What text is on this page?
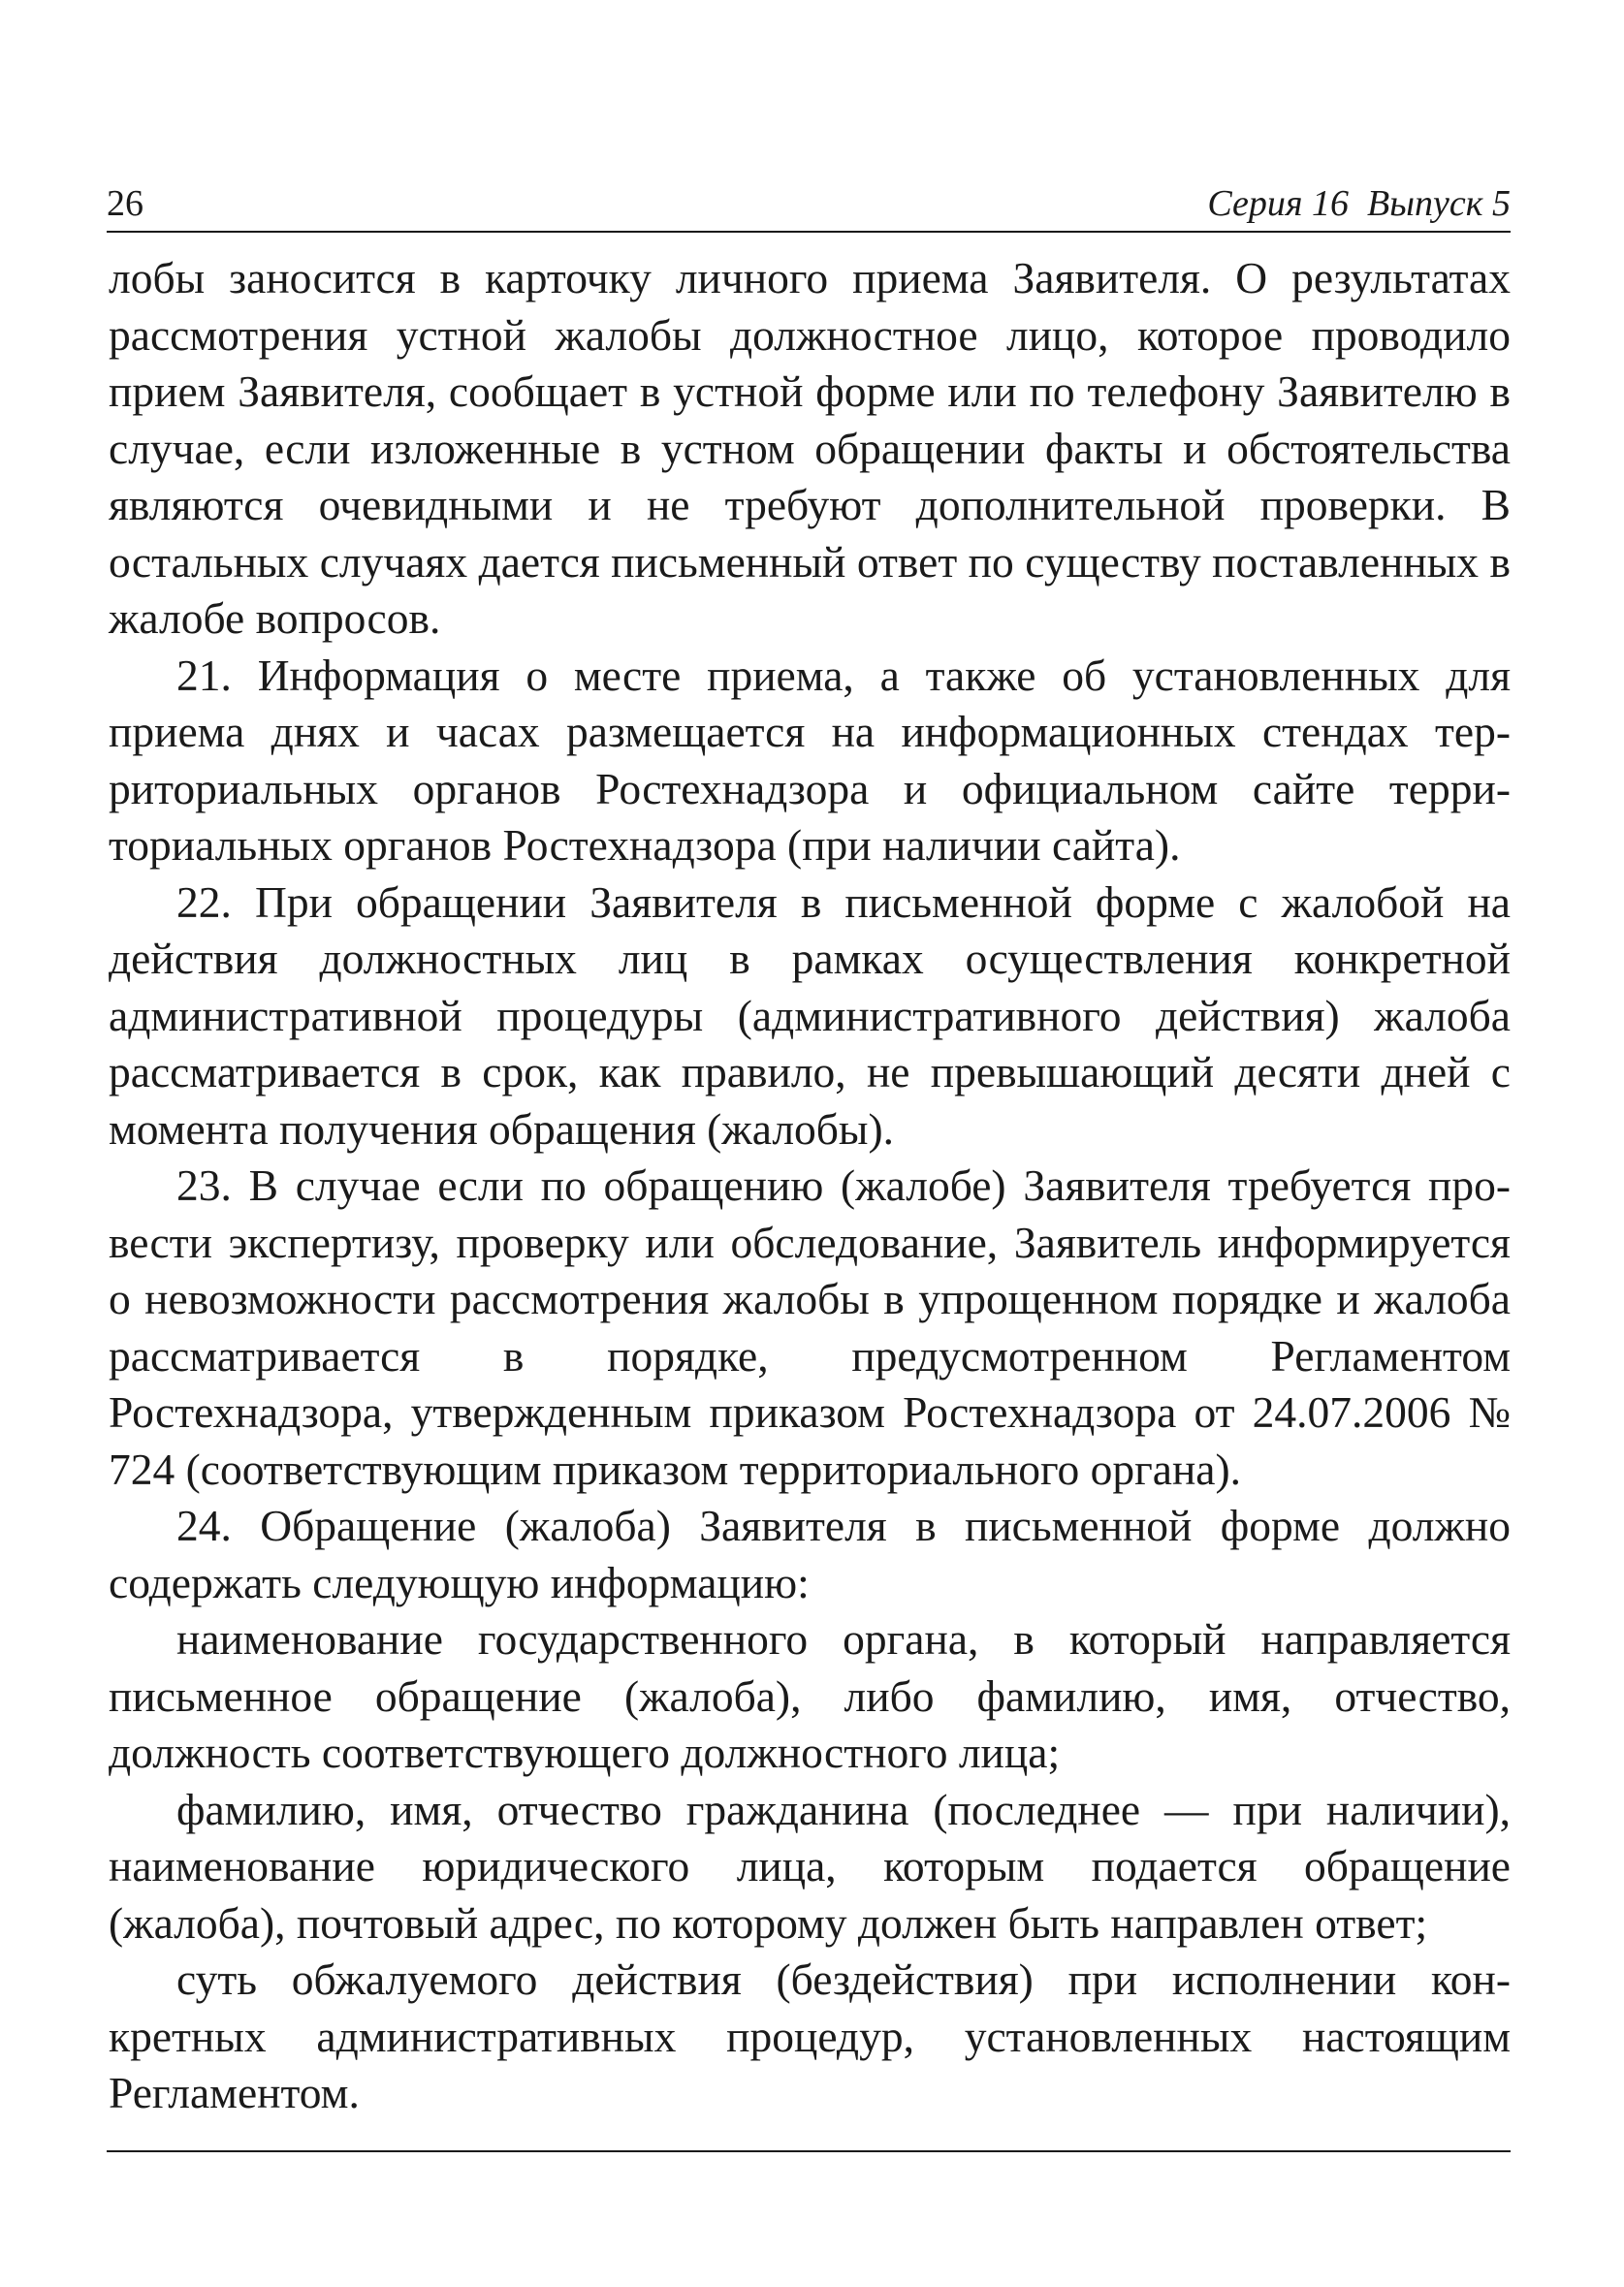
26	Серия 16  Выпуск 5

лобы заносится в карточку личного приема Заявителя. О результатах рассмотрения устной жалобы должностное лицо, которое проводило прием Заявителя, сообщает в устной форме или по телефону Заявителю в случае, если изложенные в устном обращении факты и обстоятельства являются очевидными и не требуют дополнительной проверки. В остальных случаях дается письменный ответ по существу поставленных в жалобе вопросов.

21. Информация о месте приема, а также об установленных для приема днях и часах размещается на информационных стендах территориальных органов Ростехнадзора и официальном сайте территориальных органов Ростехнадзора (при наличии сайта).

22. При обращении Заявителя в письменной форме с жалобой на действия должностных лиц в рамках осуществления конкретной административной процедуры (административного действия) жалоба рассматривается в срок, как правило, не превышающий десяти дней с момента получения обращения (жалобы).

23. В случае если по обращению (жалобе) Заявителя требуется провести экспертизу, проверку или обследование, Заявитель информируется о невозможности рассмотрения жалобы в упрощенном порядке и жалоба рассматривается в порядке, предусмотренном Регламентом Ростехнадзора, утвержденным приказом Ростехнадзора от 24.07.2006 № 724 (соответствующим приказом территориального органа).

24. Обращение (жалоба) Заявителя в письменной форме должно содержать следующую информацию:

наименование государственного органа, в который направляется письменное обращение (жалоба), либо фамилию, имя, отчество, должность соответствующего должностного лица;

фамилию, имя, отчество гражданина (последнее — при наличии), наименование юридического лица, которым подается обращение (жалоба), почтовый адрес, по которому должен быть направлен ответ;

суть обжалуемого действия (бездействия) при исполнении конкретных административных процедур, установленных настоящим Регламентом.
